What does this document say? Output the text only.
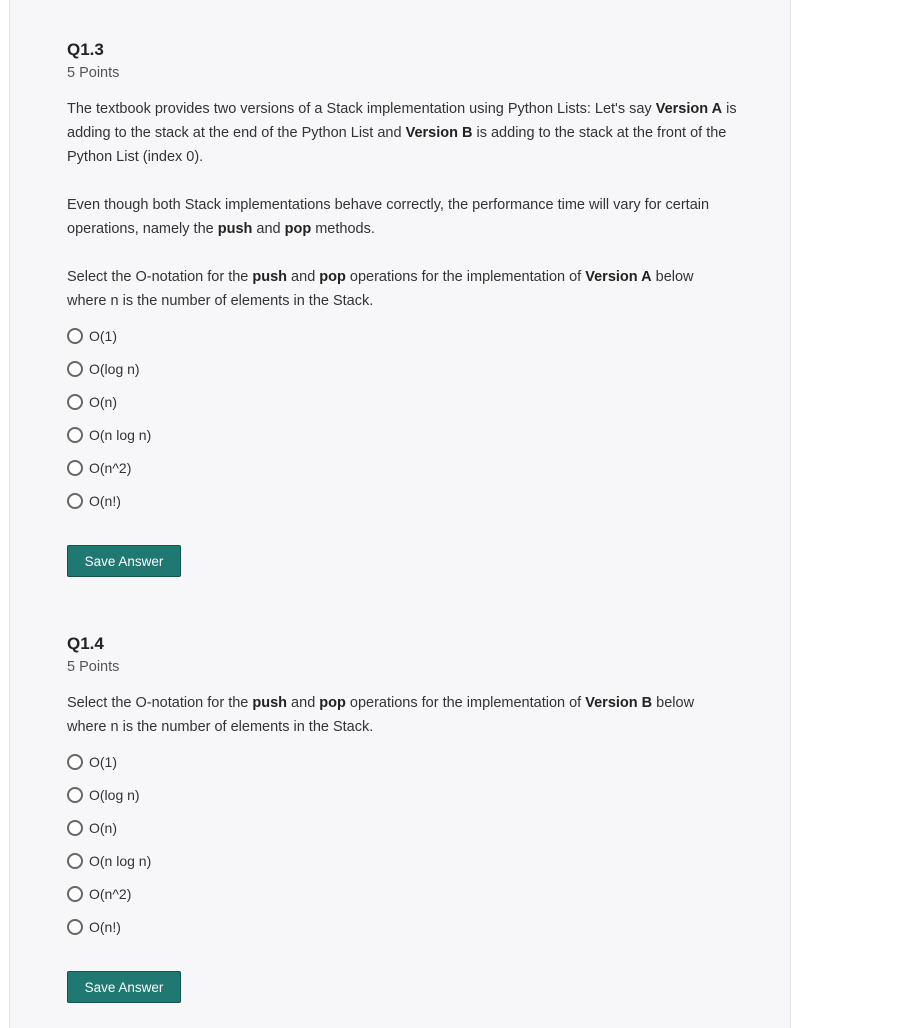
Q1.3
5 Points

The textbook provides two versions of a Stack implementation using Python Lists: Let's say Version A is adding to the stack at the end of the Python List and Version B is adding to the stack at the front of the Python List (index 0).

Even though both Stack implementations behave correctly, the performance time will vary for certain operations, namely the push and pop methods.

Select the O-notation for the push and pop operations for the implementation of Version A below where n is the number of elements in the Stack.

O(1)
O(log n)
O(n)
O(n log n)
O(n^2)
O(n!)
Save Answer
Q1.4
5 Points

Select the O-notation for the push and pop operations for the implementation of Version B below where n is the number of elements in the Stack.

O(1)
O(log n)
O(n)
O(n log n)
O(n^2)
O(n!)
Save Answer
